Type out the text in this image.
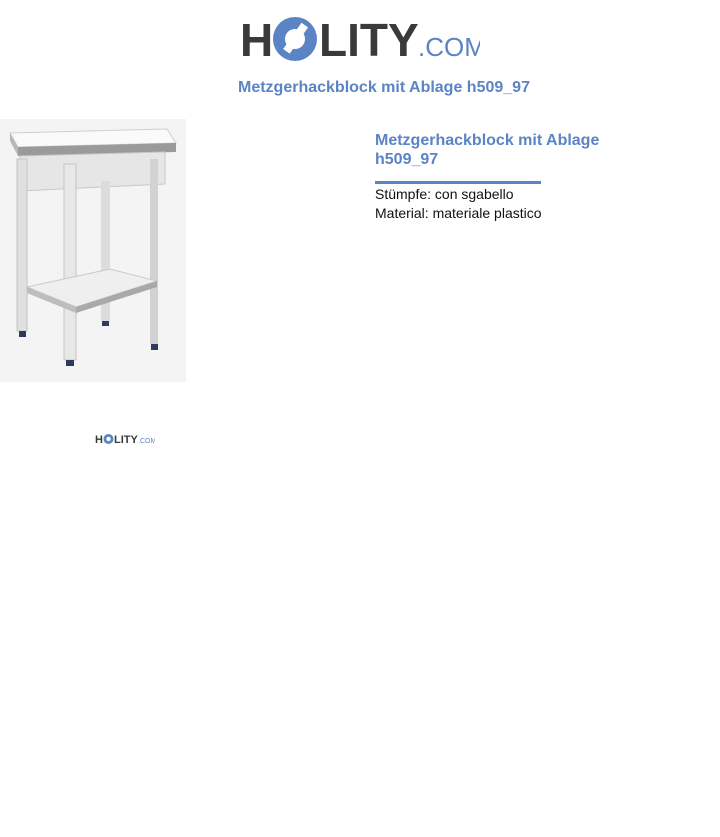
H LITY .COM
Metzgerhackblock mit Ablage h509_97
H LITY .COM
Metzgerhackblock mit Ablage h509_97

Stümpfe: con sgabello

Material: materiale plastico
